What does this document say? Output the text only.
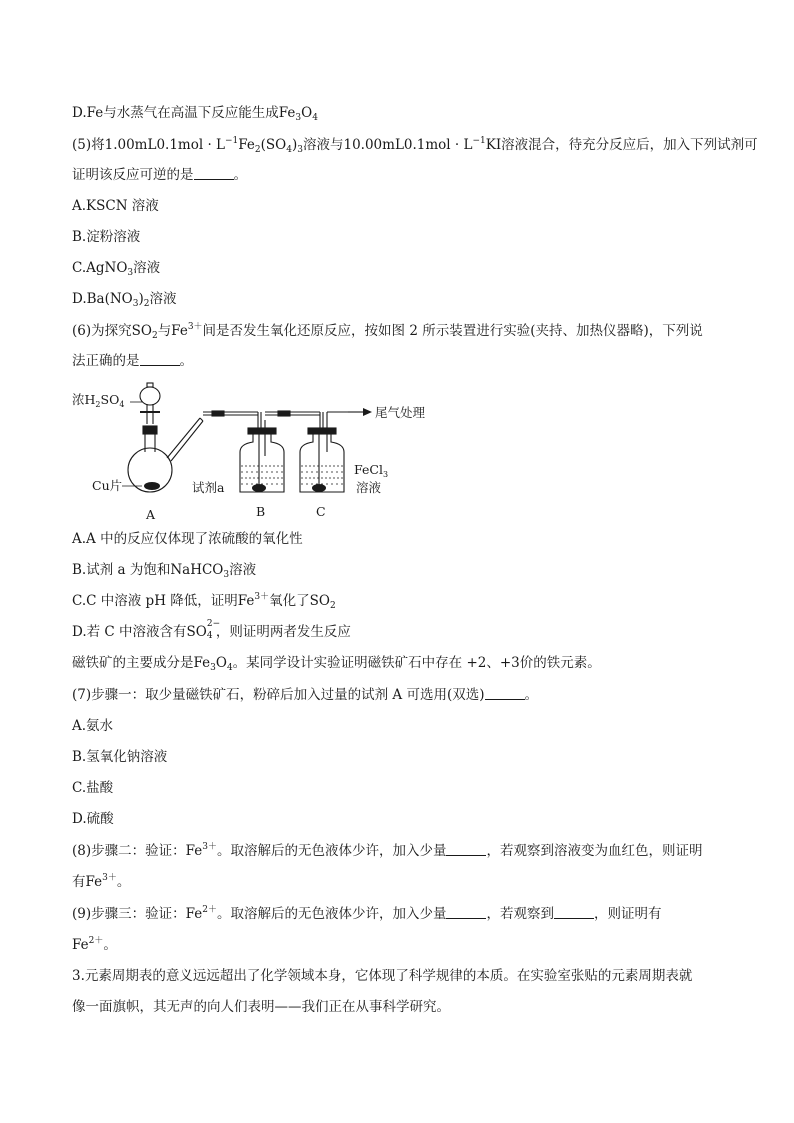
D.Fe与水蒸气在高温下反应能生成$Fe_3O_4$
(5)将$1.00mL0.1mol \cdot L^{-1}Fe_2(SO_4)_3$溶液与$10.00mL0.1mol \cdot L^{-1}KI$溶液混合，待充分反应后，加入下列试剂可
证明该反应可逆的是	。
A.KSCN 溶液
B.淀粉溶液
C.AgNO$_3$溶液
$D.Ba(NO_3)_2$溶液
(6)为探究$SO_2$与$Fe^{3+}$间是否发生氧化还原反应，按如图 2 所示装置进行实验(夹持、加热仪器略)，下列说
法正确的是	。
浓$H_2SO_4$
Cu片	试剂a
FeCl$_3$
溶液
尾气处理
A	B	C
A.A 中的反应仅体现了浓硫酸的氧化性
B.试剂 a 为饱和NaHCO$_3$溶液
C.C 中溶液 pH 降低，证明$Fe^{3+}$氧化了$SO_2$
D.若 C 中溶液含有SO 2−
4 ，则证明两者发生反应
磁铁矿的主要成分是$Fe_3O_4$。某同学设计实验证明磁铁矿石中存在 +2、+3价的铁元素。
(7)步骤一：取少量磁铁矿石，粉碎后加入过量的试剂 A 可选用(双选)	。
A.氨水
B.氢氧化钠溶液
C.盐酸
D.硫酸
(8)步骤二：验证：$Fe^{3+}$。取溶解后的无色液体少许，加入少量	，若观察到溶液变为血红色，则证明
有$Fe^{3+}$。
(9)步骤三：验证：$Fe^{2+}$。取溶解后的无色液体少许，加入少量	，若观察到	，则证明有
$Fe^{2+}$。
3.元素周期表的意义远远超出了化学领域本身，它体现了科学规律的本质。在实验室张贴的元素周期表就
像一面旗帜，其无声的向人们表明——我们正在从事科学研究。
